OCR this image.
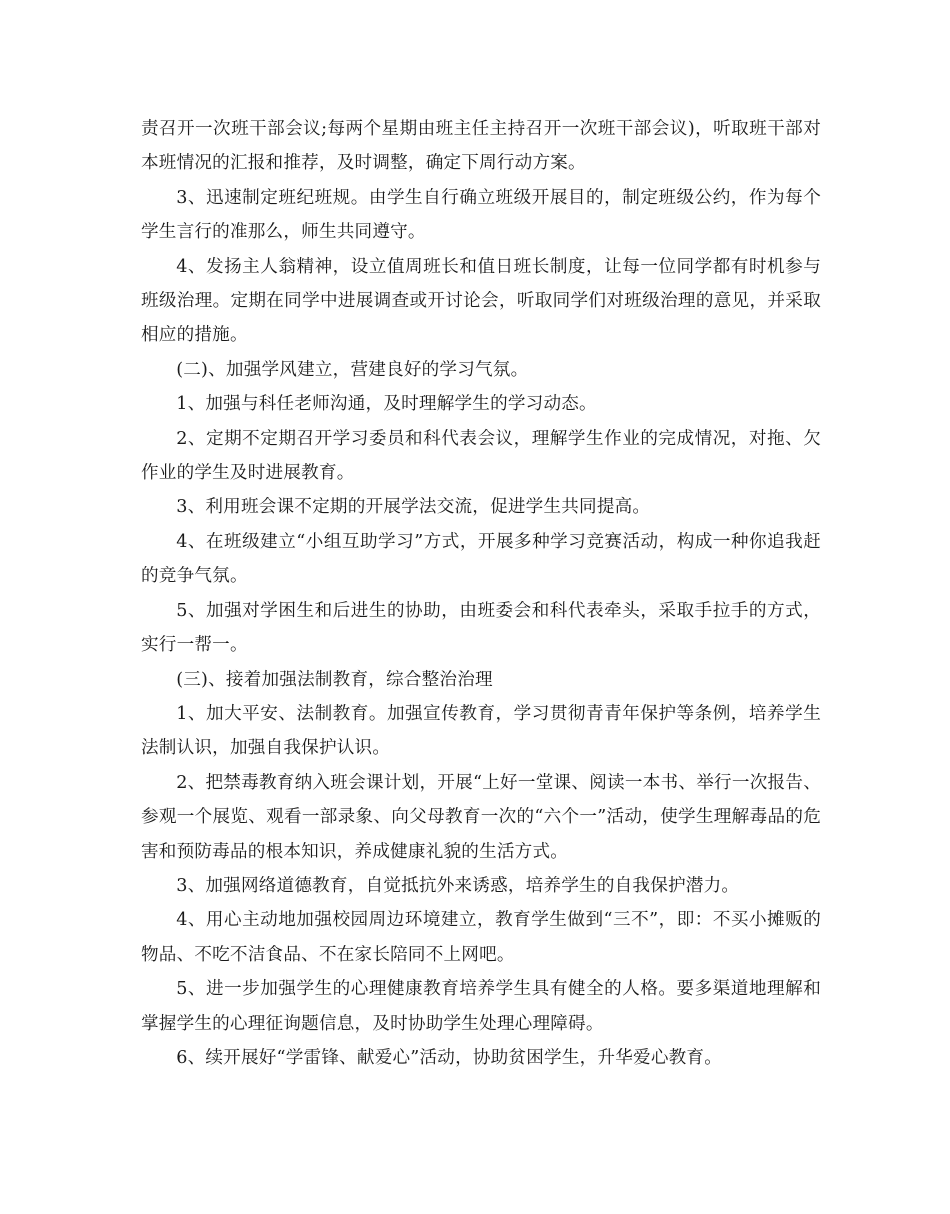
责召开一次班干部会议;每两个星期由班主任主持召开一次班干部会议)，听取班干部对本班情况的汇报和推荐，及时调整，确定下周行动方案。

3、迅速制定班纪班规。由学生自行确立班级开展目的，制定班级公约，作为每个学生言行的准那么，师生共同遵守。

4、发扬主人翁精神，设立值周班长和值日班长制度，让每一位同学都有时机参与班级治理。定期在同学中进展调查或开讨论会，听取同学们对班级治理的意见，并采取相应的措施。

(二)、加强学风建立，营建良好的学习气氛。

1、加强与科任老师沟通，及时理解学生的学习动态。

2、定期不定期召开学习委员和科代表会议，理解学生作业的完成情况，对拖、欠作业的学生及时进展教育。

3、利用班会课不定期的开展学法交流，促进学生共同提高。

4、在班级建立“小组互助学习”方式，开展多种学习竞赛活动，构成一种你追我赶的竞争气氛。

5、加强对学困生和后进生的协助，由班委会和科代表牵头，采取手拉手的方式，实行一帮一。

(三)、接着加强法制教育，综合整治治理

1、加大平安、法制教育。加强宣传教育，学习贯彻青青年保护等条例，培养学生法制认识，加强自我保护认识。

2、把禁毒教育纳入班会课计划，开展“上好一堂课、阅读一本书、举行一次报告、参观一个展览、观看一部录象、向父母教育一次的“六个一”活动，使学生理解毒品的危害和预防毒品的根本知识，养成健康礼貌的生活方式。

3、加强网络道德教育，自觉抵抗外来诱惑，培养学生的自我保护潜力。

4、用心主动地加强校园周边环境建立，教育学生做到“三不”，即：不买小摊贩的物品、不吃不洁食品、不在家长陪同不上网吧。

5、进一步加强学生的心理健康教育培养学生具有健全的人格。要多渠道地理解和掌握学生的心理征询题信息，及时协助学生处理心理障碍。

6、续开展好“学雷锋、献爱心”活动，协助贫困学生，升华爱心教育。
